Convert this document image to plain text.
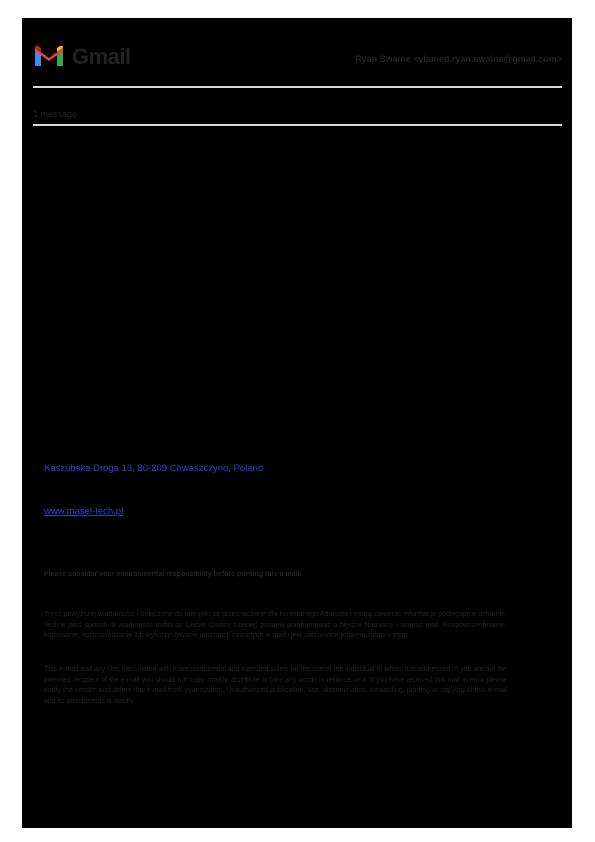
Gmail	Ryan Swaine <viamed.ryan.swaine@gmail.com>
1 message
Kaszubska Droga 13, 80-209 Chwaszczyno, Poland
www.masel-tech.pl
Please consider your environmental responsibility before printing this e-mail.
Treść powyższej wiadomości i dołączone do niej pliki są przeznaczone dla konkretnego Adresata i mogą zawierać informacje podlegające ochronie. Jeśli w jakiś sposób ta wiadomość trafiła do Ciebie (Osoby trzeciej) prosimy poinformować o błędzie Nadawcę i usunąć mail. Rozpowszechnianie, kopiowanie, rozprowadzanie lub wykorzystywanie informacji zawartych w mailu jest zabronione prawem zabronionym.
This e-mail and any files transmitted with it are confidential and intended solely for the use of the individual to whom it is addressed. If you are not the intended recipient of the e-mail you should not copy, modify, distribute or take any action in reliance on it. If you have received this mail in error please notify the sender and delete this e-mail from your system. Unauthorized publication, use, dissemination, forwarding, printing or copying of this e-mail and its attachments is strictly
